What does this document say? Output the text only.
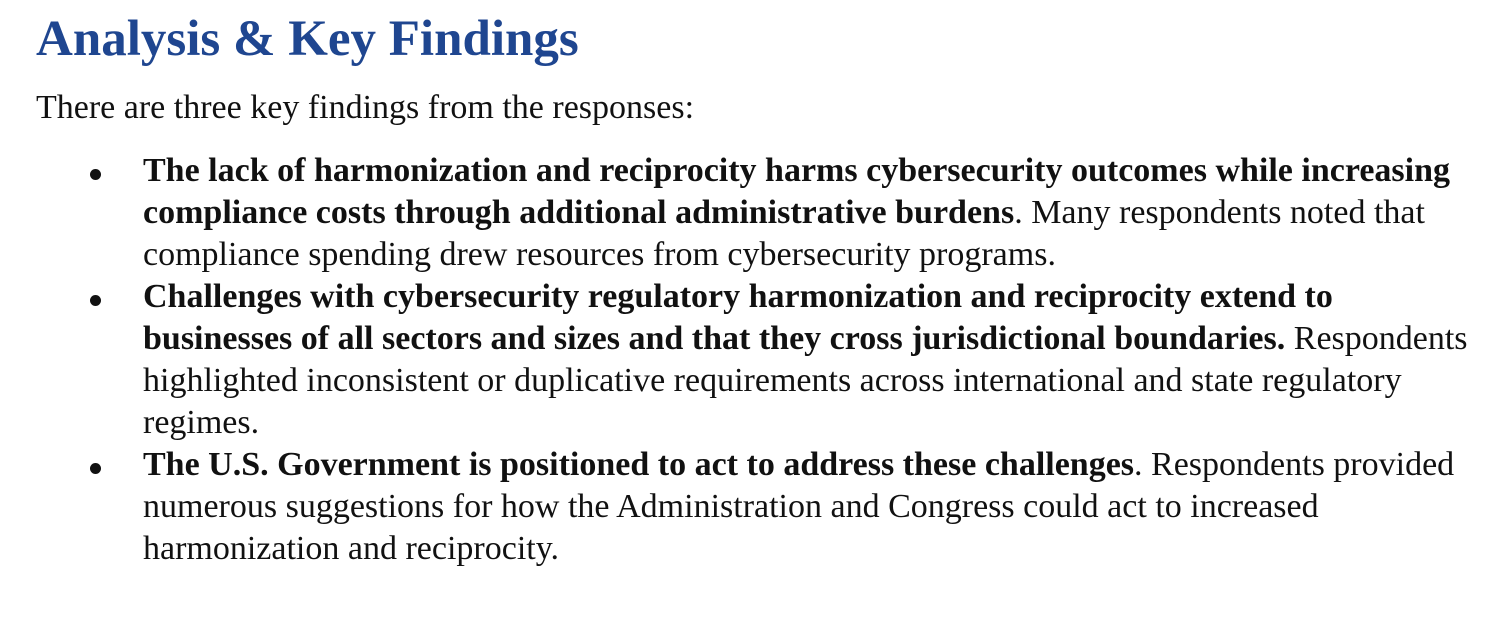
Analysis & Key Findings

There are three key findings from the responses:

The lack of harmonization and reciprocity harms cybersecurity outcomes while increasing compliance costs through additional administrative burdens. Many respondents noted that compliance spending drew resources from cybersecurity programs.
Challenges with cybersecurity regulatory harmonization and reciprocity extend to businesses of all sectors and sizes and that they cross jurisdictional boundaries. Respondents highlighted inconsistent or duplicative requirements across international and state regulatory regimes.
The U.S. Government is positioned to act to address these challenges. Respondents provided numerous suggestions for how the Administration and Congress could act to increased harmonization and reciprocity.
